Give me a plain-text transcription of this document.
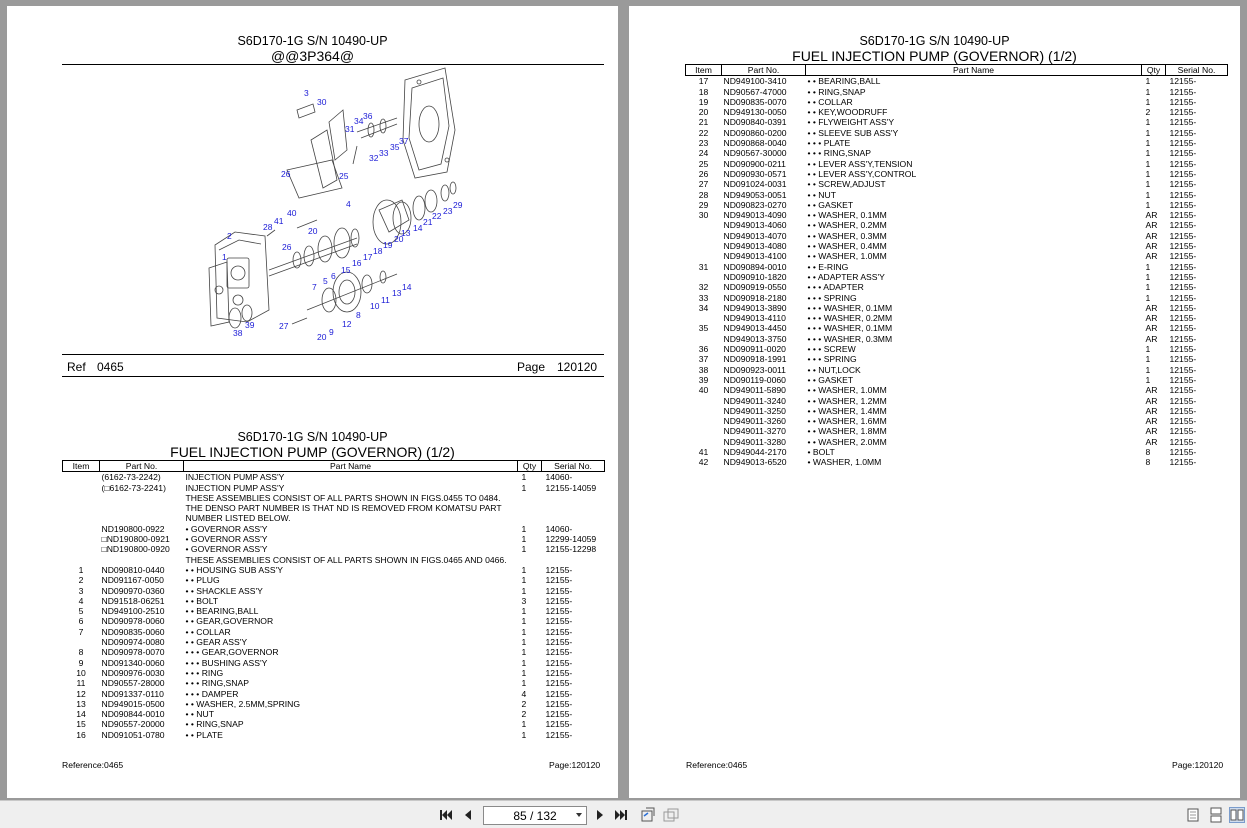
S6D170-1G S/N 10490-UP
@@3P364@
3
30
34 36
31
37
35
33
32
26	25
4	29
23
22
21
14
13
40
41
28	20
2
26
20
19
18
17
16
1
15
6
5
7	14
13
11
10
8
12
9
20
27
39
38
Ref 0465	Page 120120
S6D170-1G S/N 10490-UP
FUEL INJECTION PUMP (GOVERNOR) (1/2)
Item	Part No.	Part Name	Qty	Serial No.
	(6162-73-2242)	INJECTION PUMP ASS'Y	1	14060-
	(□6162-73-2241)	INJECTION PUMP ASS'Y	1	12155-14059
		THESE ASSEMBLIES CONSIST OF ALL PARTS SHOWN IN FIGS.0455 TO 0484.		
		THE DENSO PART NUMBER IS THAT ND IS REMOVED FROM KOMATSU PART NUMBER LISTED BELOW.		
	ND190800-0922	• GOVERNOR ASS'Y	1	14060-
	□ND190800-0921	• GOVERNOR ASS'Y	1	12299-14059
	□ND190800-0920	• GOVERNOR ASS'Y	1	12155-12298
		THESE ASSEMBLIES CONSIST OF ALL PARTS SHOWN IN FIGS.0465 AND 0466.		
1	ND090810-0440	• • HOUSING SUB ASS'Y	1	12155-
2	ND091167-0050	• • PLUG	1	12155-
3	ND090970-0360	• • SHACKLE ASS'Y	1	12155-
4	ND91518-06251	• • BOLT	3	12155-
5	ND949100-2510	• • BEARING,BALL	1	12155-
6	ND090978-0060	• • GEAR,GOVERNOR	1	12155-
7	ND090835-0060	• • COLLAR	1	12155-
	ND090974-0080	• • GEAR ASS'Y	1	12155-
8	ND090978-0070	• • • GEAR,GOVERNOR	1	12155-
9	ND091340-0060	• • • BUSHING ASS'Y	1	12155-
10	ND090976-0030	• • • RING	1	12155-
11	ND90557-28000	• • • RING,SNAP	1	12155-
12	ND091337-0110	• • • DAMPER	4	12155-
13	ND949015-0500	• • WASHER, 2.5MM,SPRING	2	12155-
14	ND090844-0010	• • NUT	2	12155-
15	ND90557-20000	• • RING,SNAP	1	12155-
16	ND091051-0780	• • PLATE	1	12155-
Reference:0465	Page:120120
S6D170-1G S/N 10490-UP
FUEL INJECTION PUMP (GOVERNOR) (1/2)
Item	Part No.	Part Name	Qty	Serial No.
17	ND949100-3410	• • BEARING,BALL	1	12155-
18	ND90567-47000	• • RING,SNAP	1	12155-
19	ND090835-0070	• • COLLAR	1	12155-
20	ND949130-0050	• • KEY,WOODRUFF	2	12155-
21	ND090840-0391	• • FLYWEIGHT ASS'Y	1	12155-
22	ND090860-0200	• • SLEEVE SUB ASS'Y	1	12155-
23	ND090868-0040	• • • PLATE	1	12155-
24	ND90567-30000	• • • RING,SNAP	1	12155-
25	ND090900-0211	• • LEVER ASS'Y,TENSION	1	12155-
26	ND090930-0571	• • LEVER ASS'Y,CONTROL	1	12155-
27	ND091024-0031	• • SCREW,ADJUST	1	12155-
28	ND949053-0051	• • NUT	1	12155-
29	ND090823-0270	• • GASKET	1	12155-
30	ND949013-4090	• • WASHER, 0.1MM	AR	12155-
	ND949013-4060	• • WASHER, 0.2MM	AR	12155-
	ND949013-4070	• • WASHER, 0.3MM	AR	12155-
	ND949013-4080	• • WASHER, 0.4MM	AR	12155-
	ND949013-4100	• • WASHER, 1.0MM	AR	12155-
31	ND090894-0010	• • E-RING	1	12155-
	ND090910-1820	• • ADAPTER ASS'Y	1	12155-
32	ND090919-0550	• • • ADAPTER	1	12155-
33	ND090918-2180	• • • SPRING	1	12155-
34	ND949013-3890	• • • WASHER, 0.1MM	AR	12155-
	ND949013-4110	• • • WASHER, 0.2MM	AR	12155-
35	ND949013-4450	• • • WASHER, 0.1MM	AR	12155-
	ND949013-3750	• • • WASHER, 0.3MM	AR	12155-
36	ND090911-0020	• • • SCREW	1	12155-
37	ND090918-1991	• • • SPRING	1	12155-
38	ND090923-0011	• • NUT,LOCK	1	12155-
39	ND090119-0060	• • GASKET	1	12155-
40	ND949011-5890	• • WASHER, 1.0MM	AR	12155-
	ND949011-3240	• • WASHER, 1.2MM	AR	12155-
	ND949011-3250	• • WASHER, 1.4MM	AR	12155-
	ND949011-3260	• • WASHER, 1.6MM	AR	12155-
	ND949011-3270	• • WASHER, 1.8MM	AR	12155-
	ND949011-3280	• • WASHER, 2.0MM	AR	12155-
41	ND949044-2170	• BOLT	8	12155-
42	ND949013-6520	• WASHER, 1.0MM	8	12155-
Reference:0465	Page:120120
85 / 132
